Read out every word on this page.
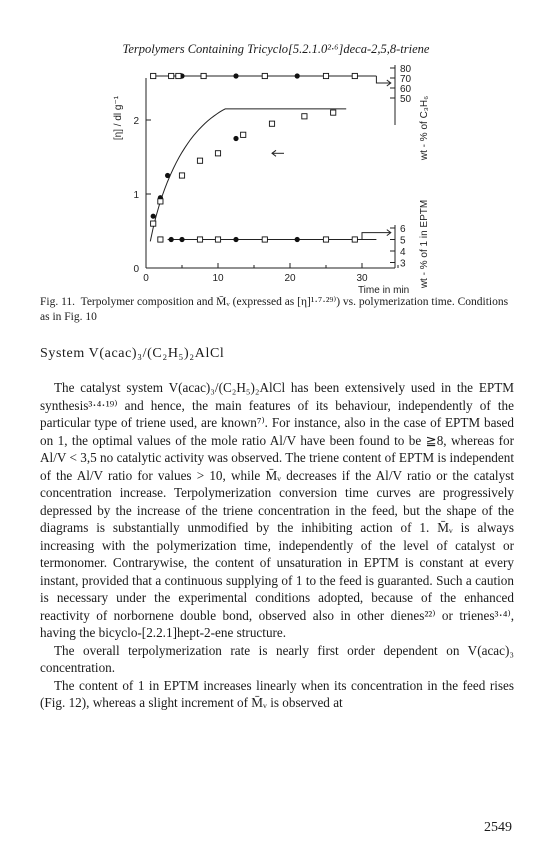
Terpolymers Containing Tricyclo[5.2.1.0²·⁶]deca-2,5,8-triene
0	10	20	30
Time in min
0
1
2
[η] / dl g⁻¹
80
70
60
50 wt - % of C₃H₆
6
5
4
3 wt - % of 1 in EPTM

Fig. 11. Terpolymer composition and M̄ᵥ (expressed as [η]¹·⁷·²⁹⁾) vs. polymerization time. Conditions as in Fig. 10

System V(acac)₃/(C₂H₅)₂AlCl

The catalyst system V(acac)₃/(C₂H₅)₂AlCl has been extensively used in the EPTM synthesis³·⁴·¹⁹⁾ and hence, the main features of its behaviour, independently of the particular type of triene used, are known⁷⁾. For instance, also in the case of EPTM based on 1, the optimal values of the mole ratio Al/V have been found to be ≧8, whereas for Al/V < 3,5 no catalytic activity was observed. The triene content of EPTM is independent of the Al/V ratio for values > 10, while M̄ᵥ decreases if the Al/V ratio or the catalyst concentration increase. Terpolymerization conversion time curves are progressively depressed by the increase of the triene concentration in the feed, but the shape of the diagrams is substantially unmodified by the inhibiting action of 1. M̄ᵥ is always increasing with the polymerization time, independently of the level of catalyst or termonomer. Contrarywise, the content of unsaturation in EPTM is constant at every instant, provided that a continuous supplying of 1 to the feed is guaranted. Such a caution is necessary under the experimental conditions adopted, because of the enhanced reactivity of norbornene double bond, observed also in other dienes²²⁾ or trienes³·⁴⁾, having the bicyclo-[2.2.1]hept-2-ene structure.

The overall terpolymerization rate is nearly first order dependent on V(acac)₃ concentration.

The content of 1 in EPTM increases linearly when its concentration in the feed rises (Fig. 12), whereas a slight increment of M̄ᵥ is observed at

2549
